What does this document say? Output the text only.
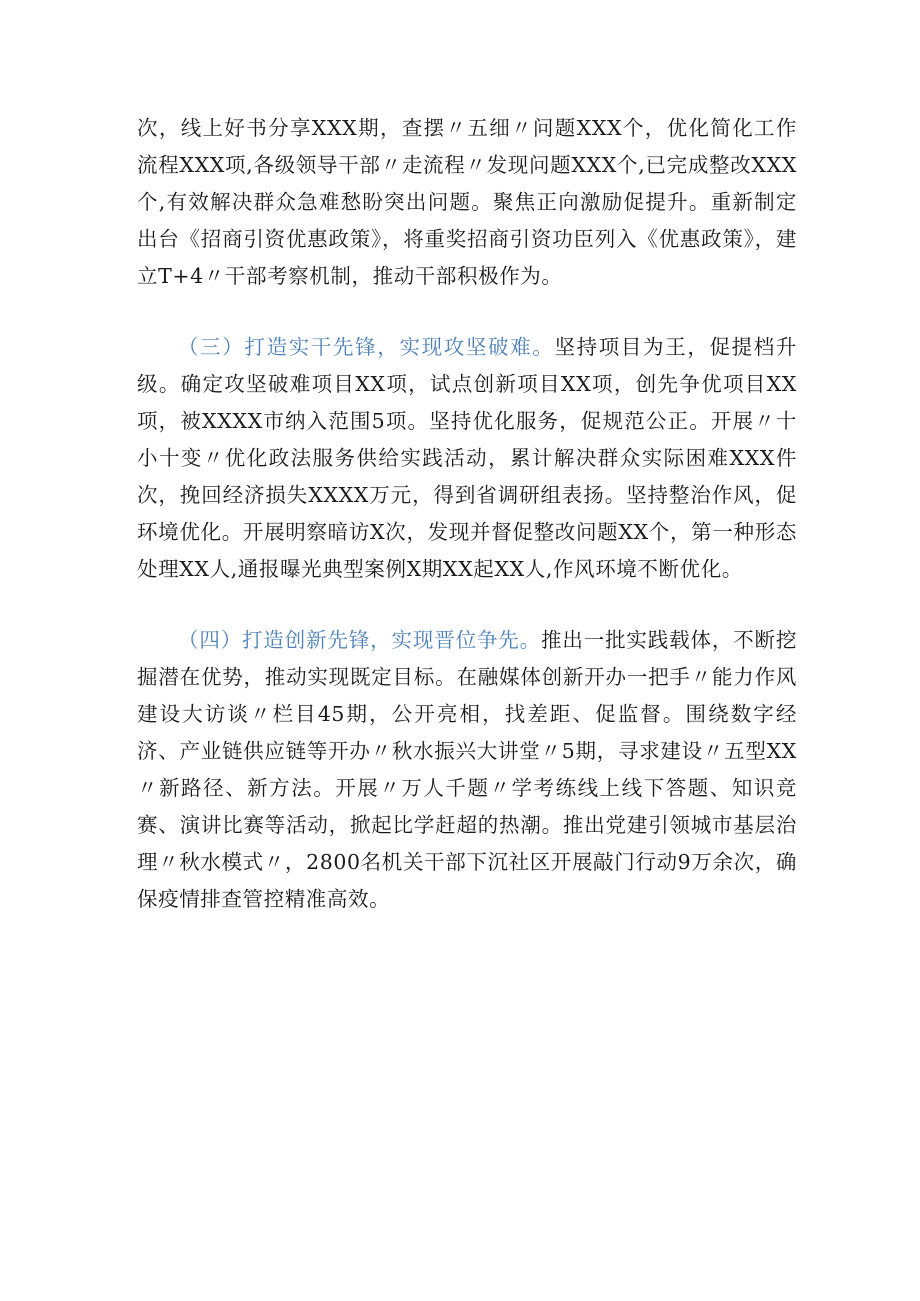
次，线上好书分享XXX期，查摆〃五细〃问题XXX个，优化简化工作流程XXX项,各级领导干部〃走流程〃发现问题XXX个,已完成整改XXX个,有效解决群众急难愁盼突出问题。聚焦正向激励促提升。重新制定出台《招商引资优惠政策》，将重奖招商引资功臣列入《优惠政策》，建立T+4〃干部考察机制，推动干部积极作为。

（三）打造实干先锋，实现攻坚破难。坚持项目为王，促提档升级。确定攻坚破难项目XX项，试点创新项目XX项，创先争优项目XX项，被XXXX市纳入范围5项。坚持优化服务，促规范公正。开展〃十小十变〃优化政法服务供给实践活动，累计解决群众实际困难XXX件次，挽回经济损失XXXX万元，得到省调研组表扬。坚持整治作风，促环境优化。开展明察暗访X次，发现并督促整改问题XX个，第一种形态处理XX人,通报曝光典型案例X期XX起XX人,作风环境不断优化。

（四）打造创新先锋，实现晋位争先。推出一批实践载体，不断挖掘潜在优势，推动实现既定目标。在融媒体创新开办一把手〃能力作风建设大访谈〃栏目45期，公开亮相，找差距、促监督。围绕数字经济、产业链供应链等开办〃秋水振兴大讲堂〃5期，寻求建设〃五型XX〃新路径、新方法。开展〃万人千题〃学考练线上线下答题、知识竞赛、演讲比赛等活动，掀起比学赶超的热潮。推出党建引领城市基层治理〃秋水模式〃，2800名机关干部下沉社区开展敲门行动9万余次，确保疫情排查管控精准高效。
